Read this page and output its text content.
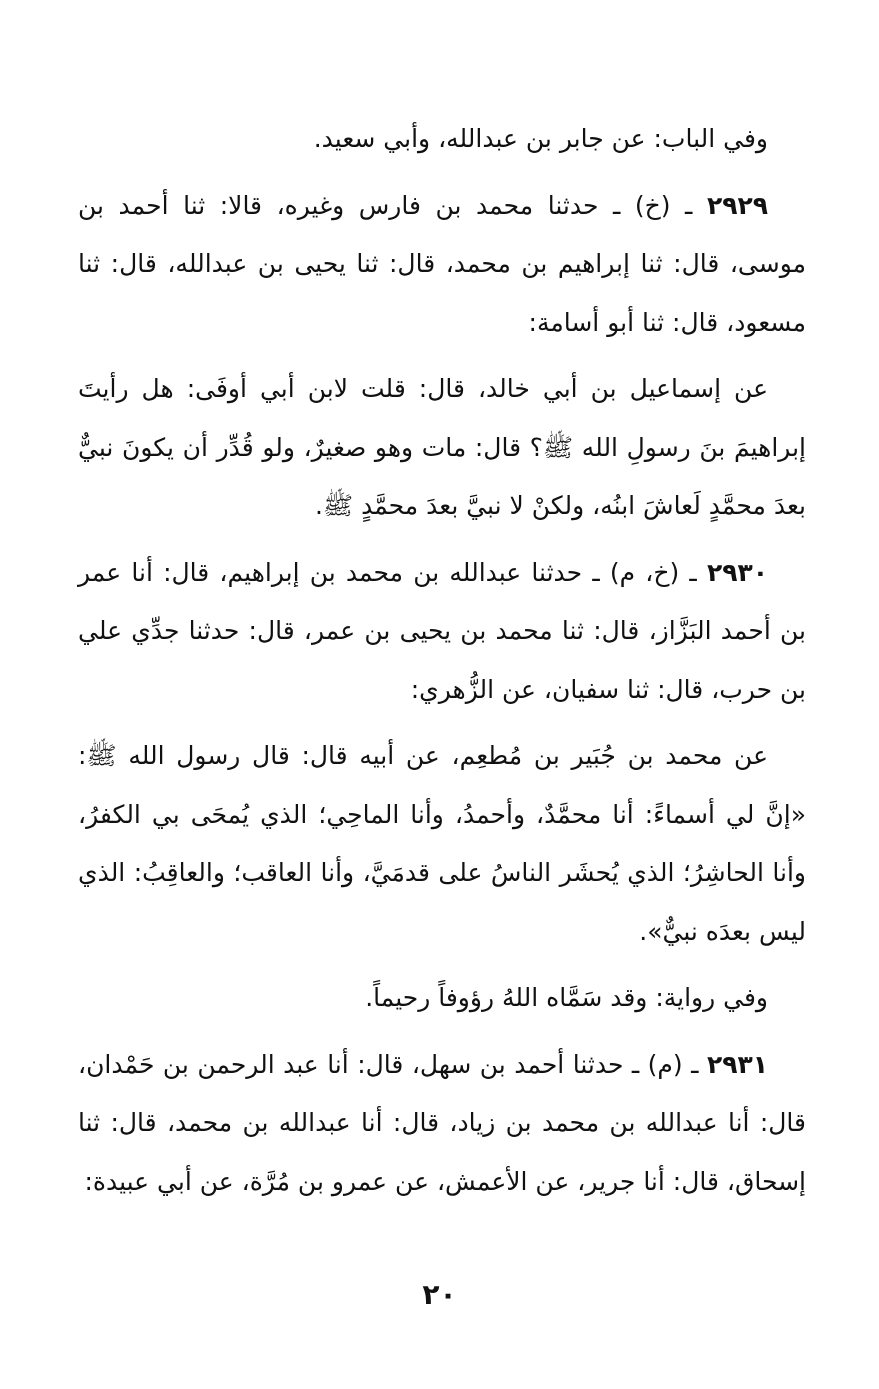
وفي الباب: عن جابر بن عبدالله، وأبي سعيد.

٢٩٢٩ ـ (خ) ـ حدثنا محمد بن فارس وغيره، قالا: ثنا أحمد بن موسى، قال: ثنا إبراهيم بن محمد، قال: ثنا يحيى بن عبدالله، قال: ثنا مسعود، قال: ثنا أبو أسامة:

عن إسماعيل بن أبي خالد، قال: قلت لابن أبي أوفَى: هل رأيتَ إبراهيمَ بنَ رسولِ الله ﷺ؟ قال: مات وهو صغيرٌ، ولو قُدِّر أن يكونَ نبيٌّ بعدَ محمَّدٍ لَعاشَ ابنُه، ولكنْ لا نبيَّ بعدَ محمَّدٍ ﷺ.

٢٩٣٠ ـ (خ، م) ـ حدثنا عبدالله بن محمد بن إبراهيم، قال: أنا عمر بن أحمد البَزَّاز، قال: ثنا محمد بن يحيى بن عمر، قال: حدثنا جدِّي علي بن حرب، قال: ثنا سفيان، عن الزُّهري:

عن محمد بن جُبَير بن مُطعِم، عن أبيه قال: قال رسول الله ﷺ: «إنَّ لي أسماءً: أنا محمَّدٌ، وأحمدُ، وأنا الماحِي؛ الذي يُمحَى بي الكفرُ، وأنا الحاشِرُ؛ الذي يُحشَر الناسُ على قدمَيَّ، وأنا العاقب؛ والعاقِبُ: الذي ليس بعدَه نبيٌّ».

وفي رواية: وقد سَمَّاه اللهُ رؤوفاً رحيماً.

٢٩٣١ ـ (م) ـ حدثنا أحمد بن سهل، قال: أنا عبد الرحمن بن حَمْدان، قال: أنا عبدالله بن محمد بن زياد، قال: أنا عبدالله بن محمد، قال: ثنا إسحاق، قال: أنا جرير، عن الأعمش، عن عمرو بن مُرَّة، عن أبي عبيدة:

٢٠
